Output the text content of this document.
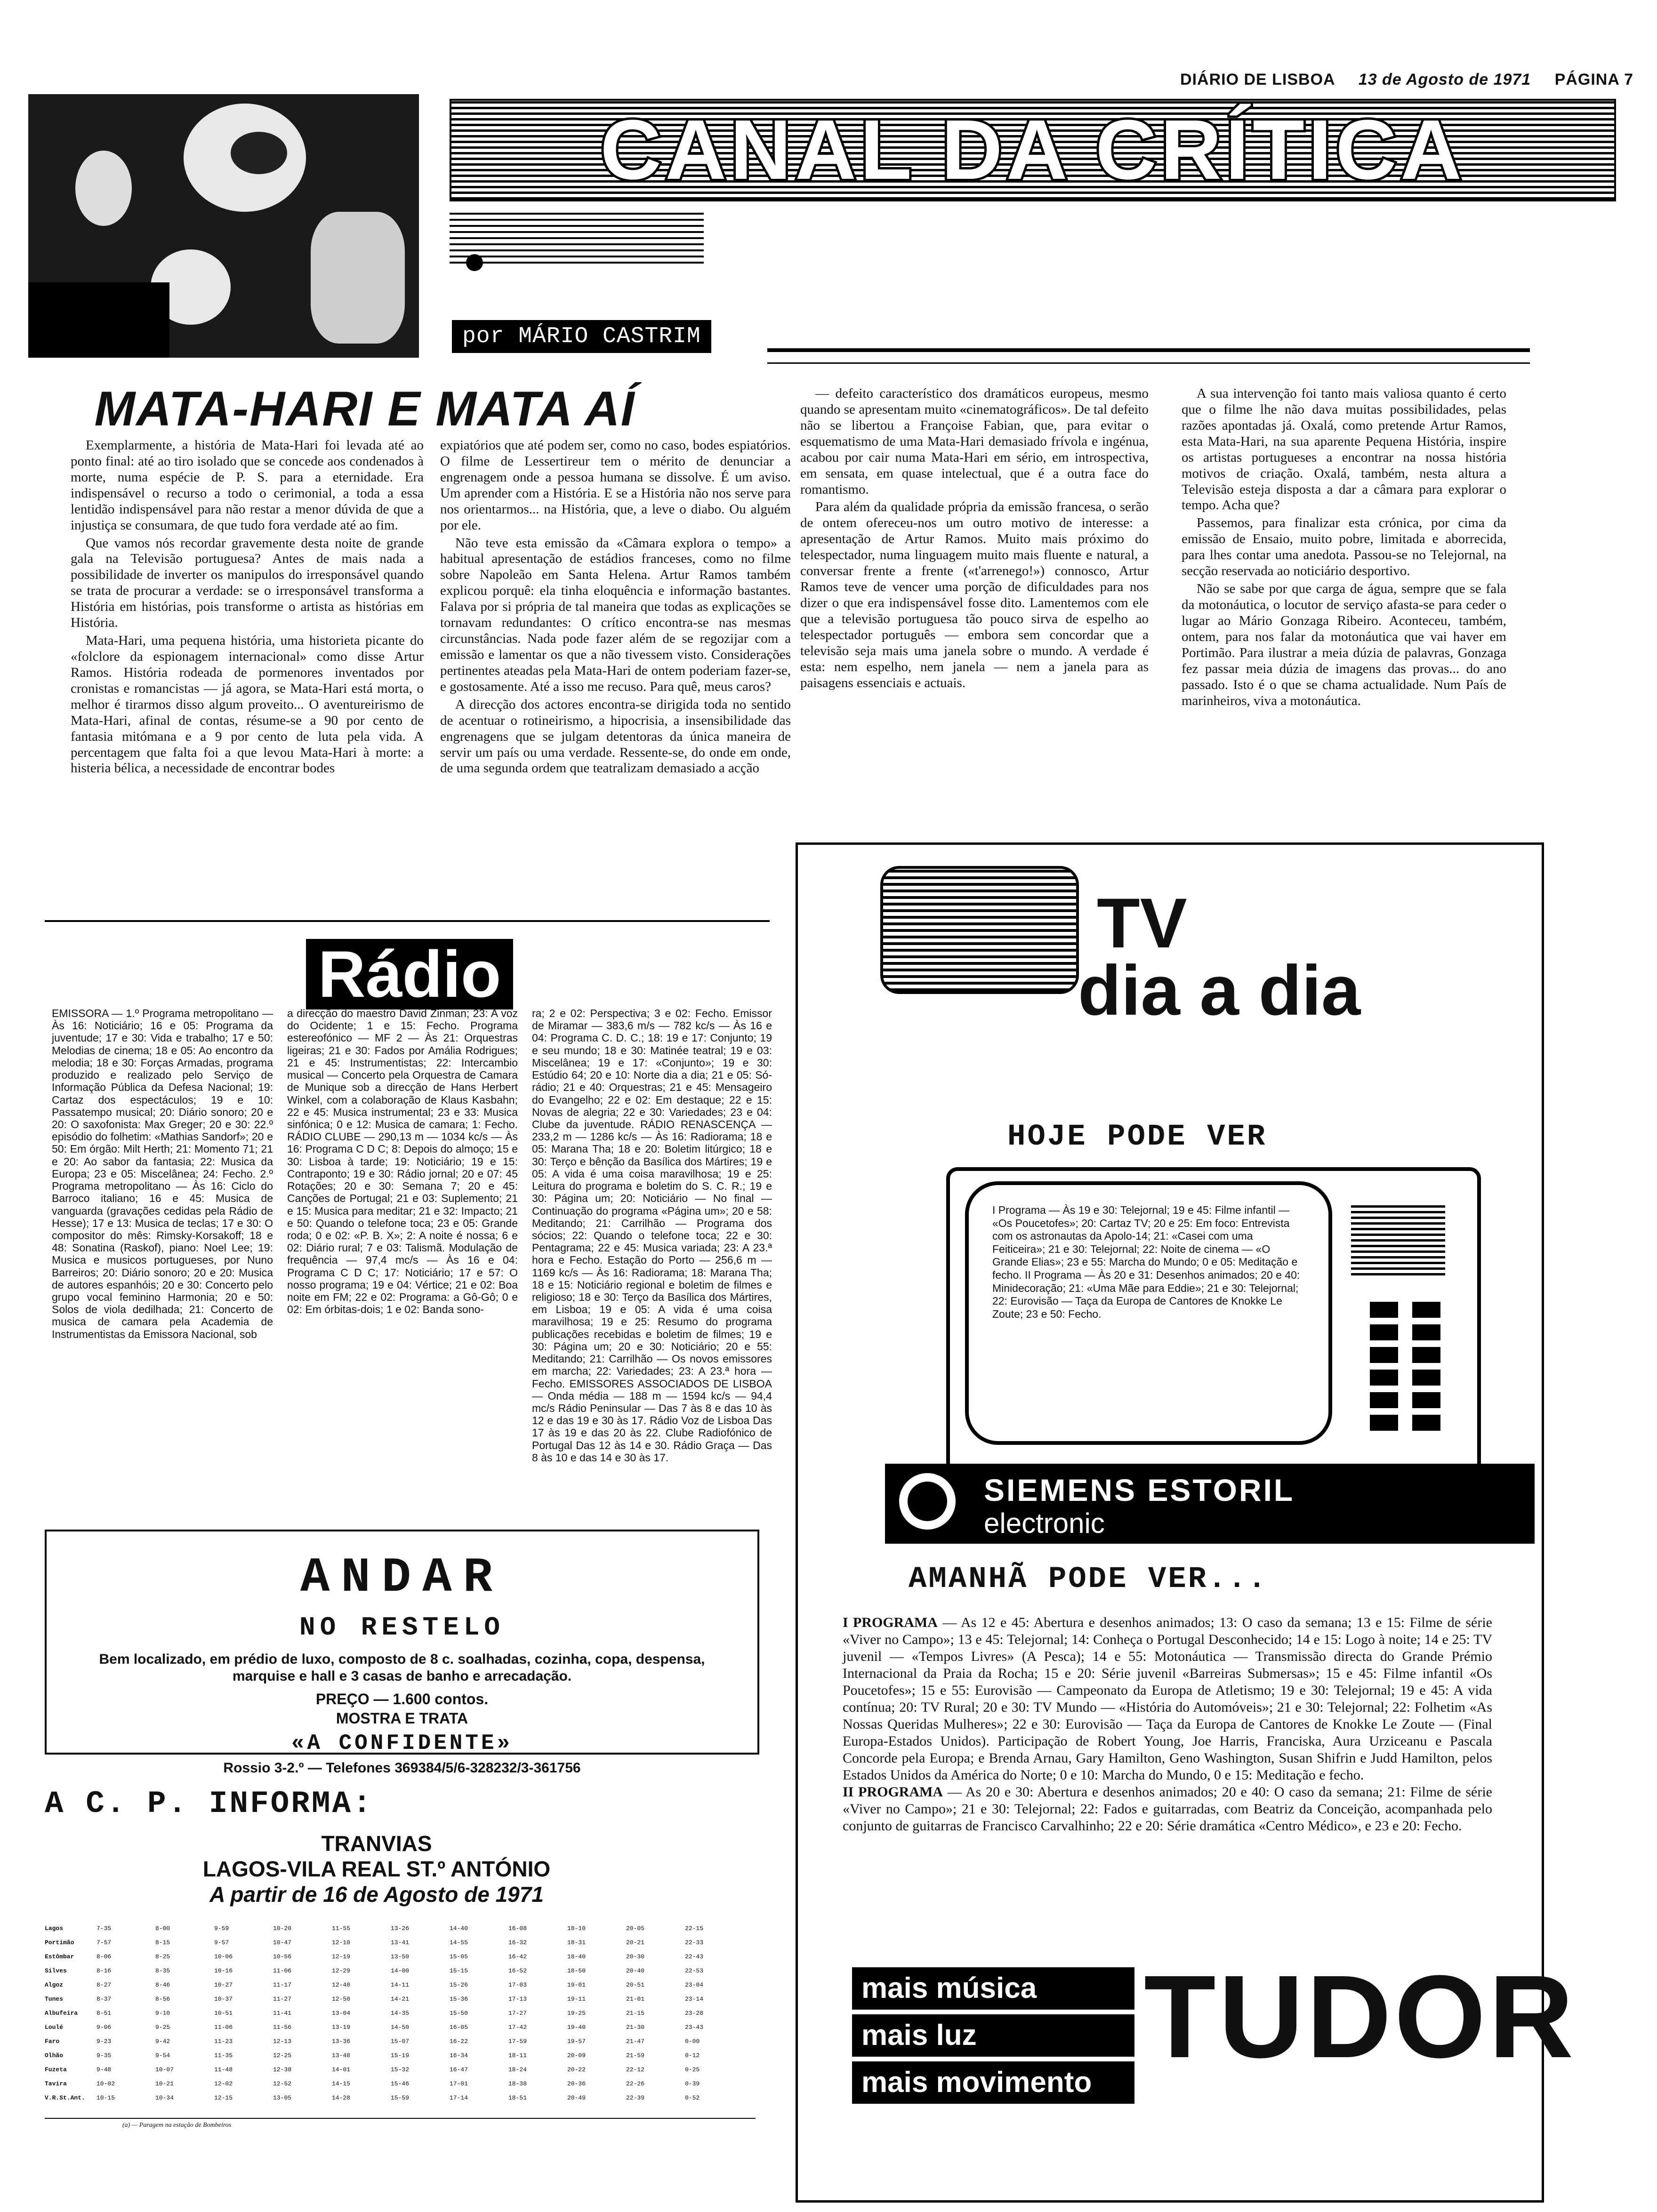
DIÁRIO DE LISBOA 13 de Agosto de 1971 PÁGINA 7
CANAL DA CRÍTICA
por MÁRIO CASTRIM
MATA-HARI E MATA AÍ

Exemplarmente, a história de Mata-Hari foi levada até ao ponto final: até ao tiro isolado que se concede aos condenados à morte, numa espécie de P. S. para a eternidade. Era indispensável o recurso a todo o cerimonial, a toda a essa lentidão indispensável para não restar a menor dúvida de que a injustiça se consumara, de que tudo fora verdade até ao fim.

Que vamos nós recordar gravemente desta noite de grande gala na Televisão portuguesa? Antes de mais nada a possibilidade de inverter os manipulos do irresponsável quando se trata de procurar a verdade: se o irresponsável transforma a História em histórias, pois transforme o artista as histórias em História.

Mata-Hari, uma pequena história, uma historieta picante do «folclore da espionagem internacional» como disse Artur Ramos. História rodeada de pormenores inventados por cronistas e romancistas — já agora, se Mata-Hari está morta, o melhor é tirarmos disso algum proveito... O aventureirismo de Mata-Hari, afinal de contas, résume-se a 90 por cento de fantasia mitómana e a 9 por cento de luta pela vida. A percentagem que falta foi a que levou Mata-Hari à morte: a histeria bélica, a necessidade de encontrar bodes

expiatórios que até podem ser, como no caso, bodes espiatórios. O filme de Lessertireur tem o mérito de denunciar a engrenagem onde a pessoa humana se dissolve. É um aviso. Um aprender com a História. E se a História não nos serve para nos orientarmos... na História, que, a leve o diabo. Ou alguém por ele.

Não teve esta emissão da «Câmara explora o tempo» a habitual apresentação de estádios franceses, como no filme sobre Napoleão em Santa Helena. Artur Ramos também explicou porquê: ela tinha eloquência e informação bastantes. Falava por si própria de tal maneira que todas as explicações se tornavam redundantes: O crítico encontra-se nas mesmas circunstâncias. Nada pode fazer além de se regozijar com a emissão e lamentar os que a não tivessem visto. Considerações pertinentes ateadas pela Mata-Hari de ontem poderiam fazer-se, e gostosamente. Até a isso me recuso. Para quê, meus caros?

A direcção dos actores encontra-se dirigida toda no sentido de acentuar o rotineirismo, a hipocrisia, a insensibilidade das engrenagens que se julgam detentoras da única maneira de servir um país ou uma verdade. Ressente-se, do onde em onde, de uma segunda ordem que teatralizam demasiado a acção

— defeito característico dos dramáticos europeus, mesmo quando se apresentam muito «cinematográficos». De tal defeito não se libertou a Françoise Fabian, que, para evitar o esquematismo de uma Mata-Hari demasiado frívola e ingénua, acabou por cair numa Mata-Hari em sério, em introspectiva, em sensata, em quase intelectual, que é a outra face do romantismo.

Para além da qualidade própria da emissão francesa, o serão de ontem ofereceu-nos um outro motivo de interesse: a apresentação de Artur Ramos. Muito mais próximo do telespectador, numa linguagem muito mais fluente e natural, a conversar frente a frente («t'arrenego!») connosco, Artur Ramos teve de vencer uma porção de dificuldades para nos dizer o que era indispensável fosse dito. Lamentemos com ele que a televisão portuguesa tão pouco sirva de espelho ao telespectador português — embora sem concordar que a televisão seja mais uma janela sobre o mundo. A verdade é esta: nem espelho, nem janela — nem a janela para as paisagens essenciais e actuais.

A sua intervenção foi tanto mais valiosa quanto é certo que o filme lhe não dava muitas possibilidades, pelas razões apontadas já. Oxalá, como pretende Artur Ramos, esta Mata-Hari, na sua aparente Pequena História, inspire os artistas portugueses a encontrar na nossa história motivos de criação. Oxalá, também, nesta altura a Televisão esteja disposta a dar a câmara para explorar o tempo. Acha que?

Passemos, para finalizar esta crónica, por cima da emissão de Ensaio, muito pobre, limitada e aborrecida, para lhes contar uma anedota. Passou-se no Telejornal, na secção reservada ao noticiário desportivo.

Não se sabe por que carga de água, sempre que se fala da motonáutica, o locutor de serviço afasta-se para ceder o lugar ao Mário Gonzaga Ribeiro. Aconteceu, também, ontem, para nos falar da motonáutica que vai haver em Portimão. Para ilustrar a meia dúzia de palavras, Gonzaga fez passar meia dúzia de imagens das provas... do ano passado. Isto é o que se chama actualidade. Num País de marinheiros, viva a motonáutica.

Rádio
EMISSORA — 1.º Programa metropolitano — Às 16: Noticiário; 16 e 05: Programa da juventude; 17 e 30: Vida e trabalho; 17 e 50: Melodias de cinema; 18 e 05: Ao encontro da melodia; 18 e 30: Forças Armadas, programa produzido e realizado pelo Serviço de Informação Pública da Defesa Nacional; 19: Cartaz dos espectáculos; 19 e 10: Passatempo musical; 20: Diário sonoro; 20 e 20: O saxofonista: Max Greger; 20 e 30: 22.º episódio do folhetim: «Mathias Sandorf»; 20 e 50: Em órgão: Milt Herth; 21: Momento 71; 21 e 20: Ao sabor da fantasia; 22: Musica da Europa; 23 e 05: Miscelânea; 24: Fecho. 2.º Programa metropolitano — Às 16: Ciclo do Barroco italiano; 16 e 45: Musica de vanguarda (gravações cedidas pela Rádio de Hesse); 17 e 13: Musica de teclas; 17 e 30: O compositor do mês: Rimsky-Korsakoff; 18 e 48: Sonatina (Raskof), piano: Noel Lee; 19: Musica e musicos portugueses, por Nuno Barreiros; 20: Diário sonoro; 20 e 20: Musica de autores espanhóis; 20 e 30: Concerto pelo grupo vocal feminino Harmonia; 20 e 50: Solos de viola dedilhada; 21: Concerto de musica de camara pela Academia de Instrumentistas da Emissora Nacional, sob
a direcção do maestro David Zinman; 23: A voz do Ocidente; 1 e 15: Fecho. Programa estereofónico — MF 2 — Às 21: Orquestras ligeiras; 21 e 30: Fados por Amália Rodrigues; 21 e 45: Instrumentistas; 22: Intercambio musical — Concerto pela Orquestra de Camara de Munique sob a direcção de Hans Herbert Winkel, com a colaboração de Klaus Kasbahn; 22 e 45: Musica instrumental; 23 e 33: Musica sinfónica; 0 e 12: Musica de camara; 1: Fecho. RÁDIO CLUBE — 290,13 m — 1034 kc/s — Às 16: Programa C D C; 8: Depois do almoço; 15 e 30: Lisboa à tarde; 19: Noticiário; 19 e 15: Contraponto; 19 e 30: Rádio jornal; 20 e 07: 45 Rotações; 20 e 30: Semana 7; 20 e 45: Canções de Portugal; 21 e 03: Suplemento; 21 e 15: Musica para meditar; 21 e 32: Impacto; 21 e 50: Quando o telefone toca; 23 e 05: Grande roda; 0 e 02: «P. B. X»; 2: A noite é nossa; 6 e 02: Diário rural; 7 e 03: Talismã. Modulação de frequência — 97,4 mc/s — Às 16 e 04: Programa C D C; 17: Noticiário; 17 e 57: O nosso programa; 19 e 04: Vértice; 21 e 02: Boa noite em FM; 22 e 02: Programa: a Gô-Gô; 0 e 02: Em órbitas-dois; 1 e 02: Banda sono-
ra; 2 e 02: Perspectiva; 3 e 02: Fecho. Emissor de Miramar — 383,6 m/s — 782 kc/s — Às 16 e 04: Programa C. D. C.; 18: 19 e 17: Conjunto; 19 e seu mundo; 18 e 30: Matinée teatral; 19 e 03: Miscelânea; 19 e 17: «Conjunto»; 19 e 30: Estúdio 64; 20 e 10: Norte dia a dia; 21 e 05: Só-rádio; 21 e 40: Orquestras; 21 e 45: Mensageiro do Evangelho; 22 e 02: Em destaque; 22 e 15: Novas de alegria; 22 e 30: Variedades; 23 e 04: Clube da juventude. RÁDIO RENASCENÇA — 233,2 m — 1286 kc/s — Às 16: Radiorama; 18 e 05: Marana Tha; 18 e 20: Boletim litúrgico; 18 e 30: Terço e bênção da Basílica dos Mártires; 19 e 05: A vida é uma coisa maravilhosa; 19 e 25: Leitura do programa e boletim do S. C. R.; 19 e 30: Página um; 20: Noticiário — No final — Continuação do programa «Página um»; 20 e 58: Meditando; 21: Carrilhão — Programa dos sócios; 22: Quando o telefone toca; 22 e 30: Pentagrama; 22 e 45: Musica variada; 23: A 23.ª hora e Fecho. Estação do Porto — 256,6 m — 1169 kc/s — Às 16: Radiorama; 18: Marana Tha; 18 e 15: Noticiário regional e boletim de filmes e religioso; 18 e 30: Terço da Basílica dos Mártires, em Lisboa; 19 e 05: A vida é uma coisa maravilhosa; 19 e 25: Resumo do programa publicações recebidas e boletim de filmes; 19 e 30: Página um; 20 e 30: Noticiário; 20 e 55: Meditando; 21: Carrilhão — Os novos emissores em marcha; 22: Variedades; 23: A 23.ª hora — Fecho. EMISSORES ASSOCIADOS DE LISBOA — Onda média — 188 m — 1594 kc/s — 94,4 mc/s Rádio Peninsular — Das 7 às 8 e das 10 às 12 e das 19 e 30 às 17. Rádio Voz de Lisboa Das 17 às 19 e das 20 às 22. Clube Radiofónico de Portugal Das 12 às 14 e 30. Rádio Graça — Das 8 às 10 e das 14 e 30 às 17.
ANDAR
NO RESTELO
Bem localizado, em prédio de luxo, composto de 8 c. soalhadas, cozinha, copa, despensa, marquise e hall e 3 casas de banho e arrecadação.
PREÇO — 1.600 contos.
MOSTRA E TRATA
«A CONFIDENTE»
Rossio 3-2.º — Telefones 369384/5/6-328232/3-361756
A C. P. INFORMA:
TRANVIAS
LAGOS-VILA REAL ST.º ANTÓNIO
A partir de 16 de Agosto de 1971
Lagos	7-35	8-00	9-59	10-20	11-55	13-26	14-40	16-08	18-10	20-05	22-15
Portimão	7-57	8-15	9-57	10-47	12-10	13-41	14-55	16-32	18-31	20-21	22-33
Estômbar	8-06	8-25	10-06	10-56	12-19	13-50	15-05	16-42	18-40	20-30	22-43
Silves	8-16	8-35	10-16	11-06	12-29	14-00	15-15	16-52	18-50	20-40	22-53
Algoz	8-27	8-46	10-27	11-17	12-40	14-11	15-26	17-03	19-01	20-51	23-04
Tunes	8-37	8-56	10-37	11-27	12-50	14-21	15-36	17-13	19-11	21-01	23-14
Albufeira	8-51	9-10	10-51	11-41	13-04	14-35	15-50	17-27	19-25	21-15	23-28
Loulé	9-06	9-25	11-06	11-56	13-19	14-50	16-05	17-42	19-40	21-30	23-43
Faro	9-23	9-42	11-23	12-13	13-36	15-07	16-22	17-59	19-57	21-47	0-00
Olhão	9-35	9-54	11-35	12-25	13-48	15-19	16-34	18-11	20-09	21-59	0-12
Fuzeta	9-48	10-07	11-48	12-38	14-01	15-32	16-47	18-24	20-22	22-12	0-25
Tavira	10-02	10-21	12-02	12-52	14-15	15-46	17-01	18-38	20-36	22-26	0-39
V.R.St.Ant. 10-15	10-34	12-15	13-05	14-28	15-59	17-14	18-51	20-49	22-39	0-52
(a) — Paragem na estação de Bombeiros
TV
dia a dia
HOJE PODE VER
I Programa — Às 19 e 30: Telejornal; 19 e 45: Filme infantil — «Os Poucetofes»; 20: Cartaz TV; 20 e 25: Em foco: Entrevista com os astronautas da Apolo-14; 21: «Casei com uma Feiticeira»; 21 e 30: Telejornal; 22: Noite de cinema — «O Grande Elias»; 23 e 55: Marcha do Mundo; 0 e 05: Meditação e fecho. II Programa — Às 20 e 31: Desenhos animados; 20 e 40: Minidecoração; 21: «Uma Mãe para Eddie»; 21 e 30: Telejornal; 22: Eurovisão — Taça da Europa de Cantores de Knokke Le Zoute; 23 e 50: Fecho.
SIEMENS ESTORIL
electronic
AMANHÃ PODE VER...

I PROGRAMA — As 12 e 45: Abertura e desenhos animados; 13: O caso da semana; 13 e 15: Filme de série «Viver no Campo»; 13 e 45: Telejornal; 14: Conheça o Portugal Desconhecido; 14 e 15: Logo à noite; 14 e 25: TV juvenil — «Tempos Livres» (A Pesca); 14 e 55: Motonáutica — Transmissão directa do Grande Prémio Internacional da Praia da Rocha; 15 e 20: Série juvenil «Barreiras Submersas»; 15 e 45: Filme infantil «Os Poucetofes»; 15 e 55: Eurovisão — Campeonato da Europa de Atletismo; 19 e 30: Telejornal; 19 e 45: A vida contínua; 20: TV Rural; 20 e 30: TV Mundo — «História do Automóveis»; 21 e 30: Telejornal; 22: Folhetim «As Nossas Queridas Mulheres»; 22 e 30: Eurovisão — Taça da Europa de Cantores de Knokke Le Zoute — (Final Europa-Estados Unidos). Participação de Robert Young, Joe Harris, Franciska, Aura Urziceanu e Pascala Concorde pela Europa; e Brenda Arnau, Gary Hamilton, Geno Washington, Susan Shifrin e Judd Hamilton, pelos Estados Unidos da América do Norte; 0 e 10: Marcha do Mundo, 0 e 15: Meditação e fecho.

II PROGRAMA — As 20 e 30: Abertura e desenhos animados; 20 e 40: O caso da semana; 21: Filme de série «Viver no Campo»; 21 e 30: Telejornal; 22: Fados e guitarradas, com Beatriz da Conceição, acompanhada pelo conjunto de guitarras de Francisco Carvalhinho; 22 e 20: Série dramática «Centro Médico», e 23 e 20: Fecho.

mais música
mais luz
mais movimento
TUDOR
